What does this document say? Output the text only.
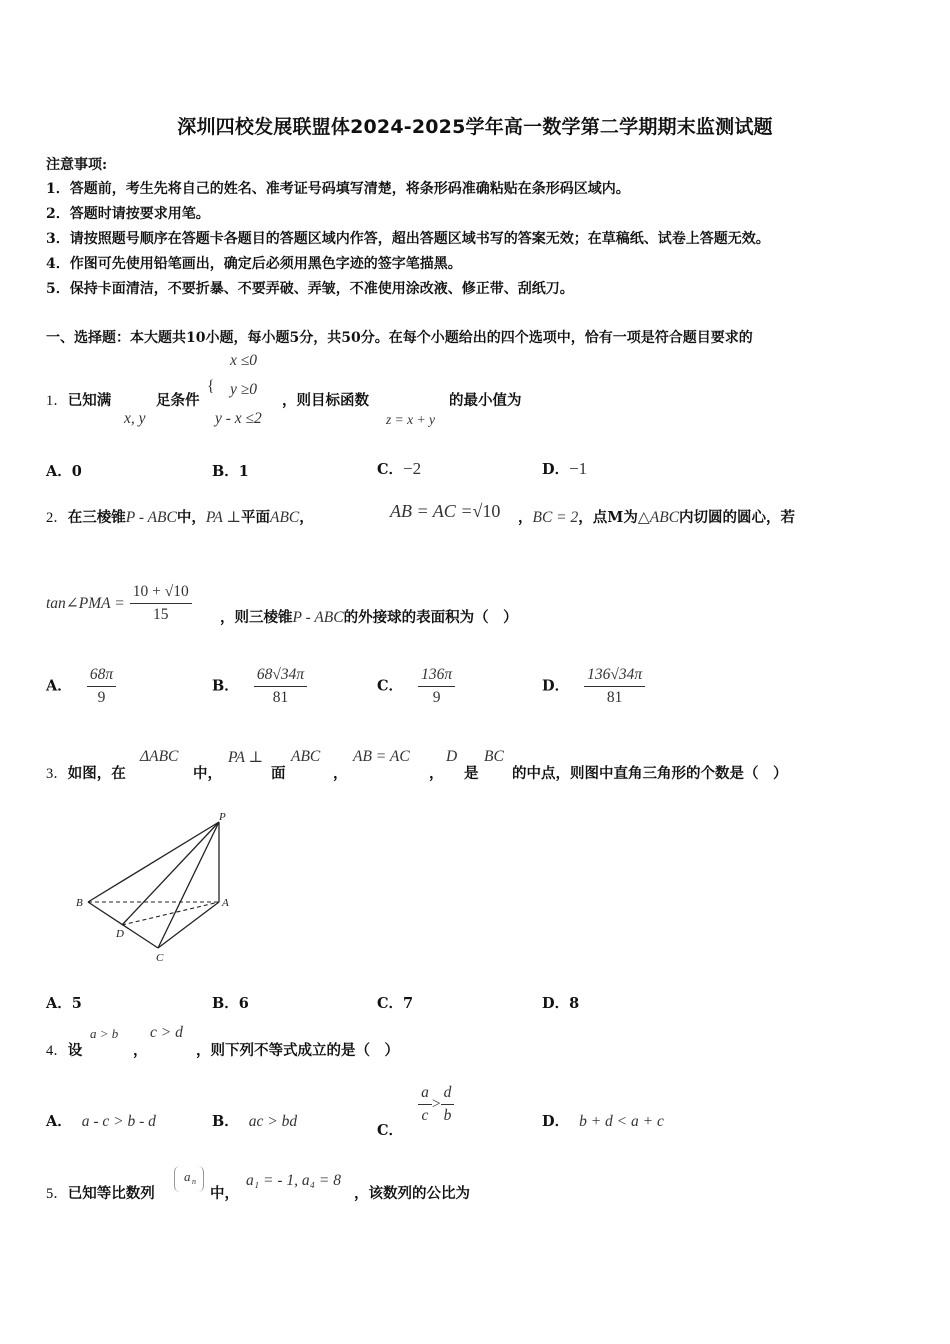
深圳四校发展联盟体2024-2025学年高一数学第二学期期末监测试题
注意事项:
1．答题前，考生先将自己的姓名、准考证号码填写清楚，将条形码准确粘贴在条形码区域内。
2．答题时请按要求用笔。
3．请按照题号顺序在答题卡各题目的答题区域内作答，超出答题区域书写的答案无效；在草稿纸、试卷上答题无效。
4．作图可先使用铅笔画出，确定后必须用黑色字迹的签字笔描黑。
5．保持卡面清洁，不要折暴、不要弄破、弄皱，不准使用涂改液、修正带、刮纸刀。
一、选择题：本大题共10小题，每小题5分，共50分。在每个小题给出的四个选项中，恰有一项是符合题目要求的
1．已知满
x, y
足条件
{
x ≤0
y ≥0
y - x ≤2
，则目标函数
z = x + y
的最小值为
A．0	B．1	C．−2	D．−1
2．在三棱锥P - ABC中，PA ⊥平面ABC，	AB = AC =√10 ，BC = 2，点M为△ABC内切圆的圆心，若
tan∠PMA = $\frac{10 + √10}{15}$ ，则三棱锥P - ABC的外接球的表面积为（　）
A． $\frac{68\pi}{9}$	B． $\frac{68√34\pi}{81}$	C． $\frac{136\pi}{9}$	D． $\frac{136√34\pi}{81}$
3．如图，在
ΔABC
中，
PA ⊥
面
ABC
，
AB = AC
，
D
是
BC
的中点，则图中直角三角形的个数是（　）
P
A
B
C
D
A．5	B．6	C．7	D．8
4．设
a > b
，
c > d
，则下列不等式成立的是（　）
A． a - c > b - d	B． ac > bd	C．
$\frac{a}{c} > \frac{d}{b}$	D． b + d < a + c
5．已知等比数列
a n
中，
a₁ = - 1, a₄ = 8
，该数列的公比为
